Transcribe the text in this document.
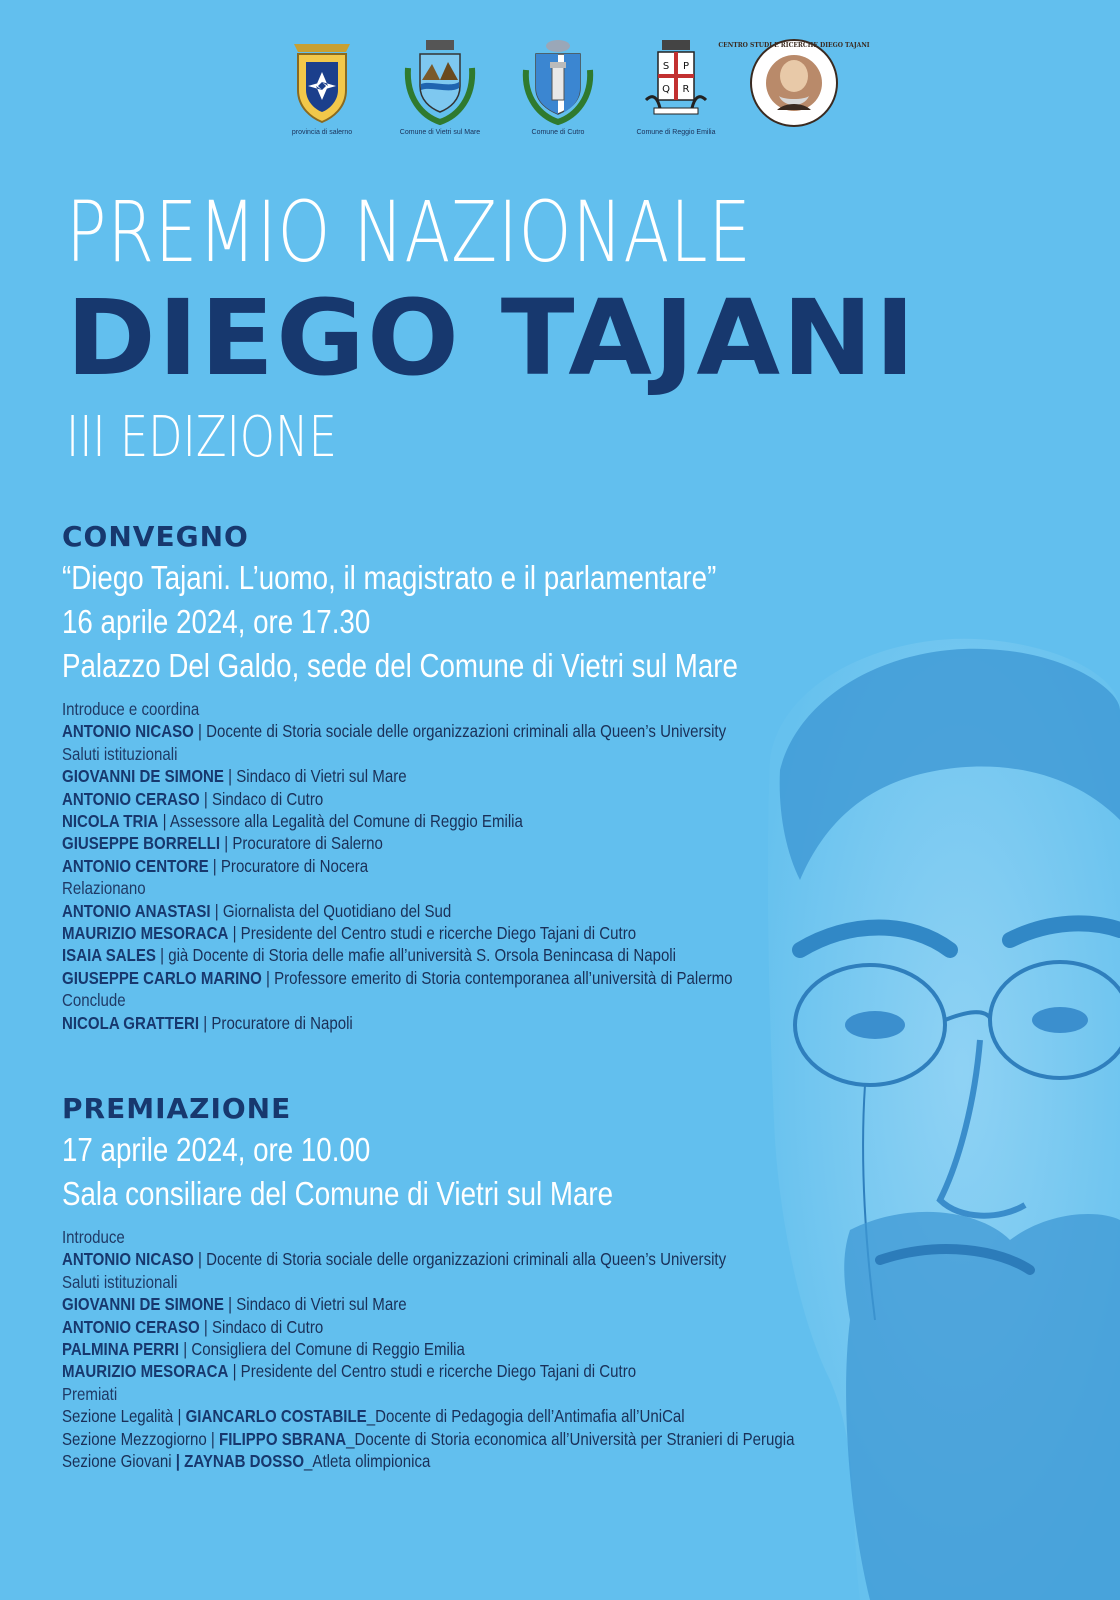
provincia di salerno	Comune di Vietri sul Mare	Comune di Cutro
S P
Q R
Comune di Reggio Emilia
CENTRO STUDI E RICERCHE DIEGO TAJANI
PREMIO NAZIONALE
DIEGO TAJANI
III EDIZIONE
CONVEGNO
“Diego Tajani. L’uomo, il magistrato e il parlamentare”
16 aprile 2024, ore 17.30
Palazzo Del Galdo, sede del Comune di Vietri sul Mare
Introduce e coordina
ANTONIO NICASO | Docente di Storia sociale delle organizzazioni criminali alla Queen’s University
Saluti istituzionali
GIOVANNI DE SIMONE | Sindaco di Vietri sul Mare
ANTONIO CERASO | Sindaco di Cutro
NICOLA TRIA | Assessore alla Legalità del Comune di Reggio Emilia
GIUSEPPE BORRELLI | Procuratore di Salerno
ANTONIO CENTORE | Procuratore di Nocera
Relazionano
ANTONIO ANASTASI | Giornalista del Quotidiano del Sud
MAURIZIO MESORACA | Presidente del Centro studi e ricerche Diego Tajani di Cutro
ISAIA SALES | già Docente di Storia delle mafie all’università S. Orsola Benincasa di Napoli
GIUSEPPE CARLO MARINO | Professore emerito di Storia contemporanea all’università di Palermo
Conclude
NICOLA GRATTERI | Procuratore di Napoli
PREMIAZIONE
17 aprile 2024, ore 10.00
Sala consiliare del Comune di Vietri sul Mare
Introduce
ANTONIO NICASO | Docente di Storia sociale delle organizzazioni criminali alla Queen’s University
Saluti istituzionali
GIOVANNI DE SIMONE | Sindaco di Vietri sul Mare
ANTONIO CERASO | Sindaco di Cutro
PALMINA PERRI | Consigliera del Comune di Reggio Emilia
MAURIZIO MESORACA | Presidente del Centro studi e ricerche Diego Tajani di Cutro
Premiati
Sezione Legalità | GIANCARLO COSTABILE_Docente di Pedagogia dell’Antimafia all’UniCal
Sezione Mezzogiorno | FILIPPO SBRANA_Docente di Storia economica all’Università per Stranieri di Perugia
Sezione Giovani | ZAYNAB DOSSO_Atleta olimpionica
